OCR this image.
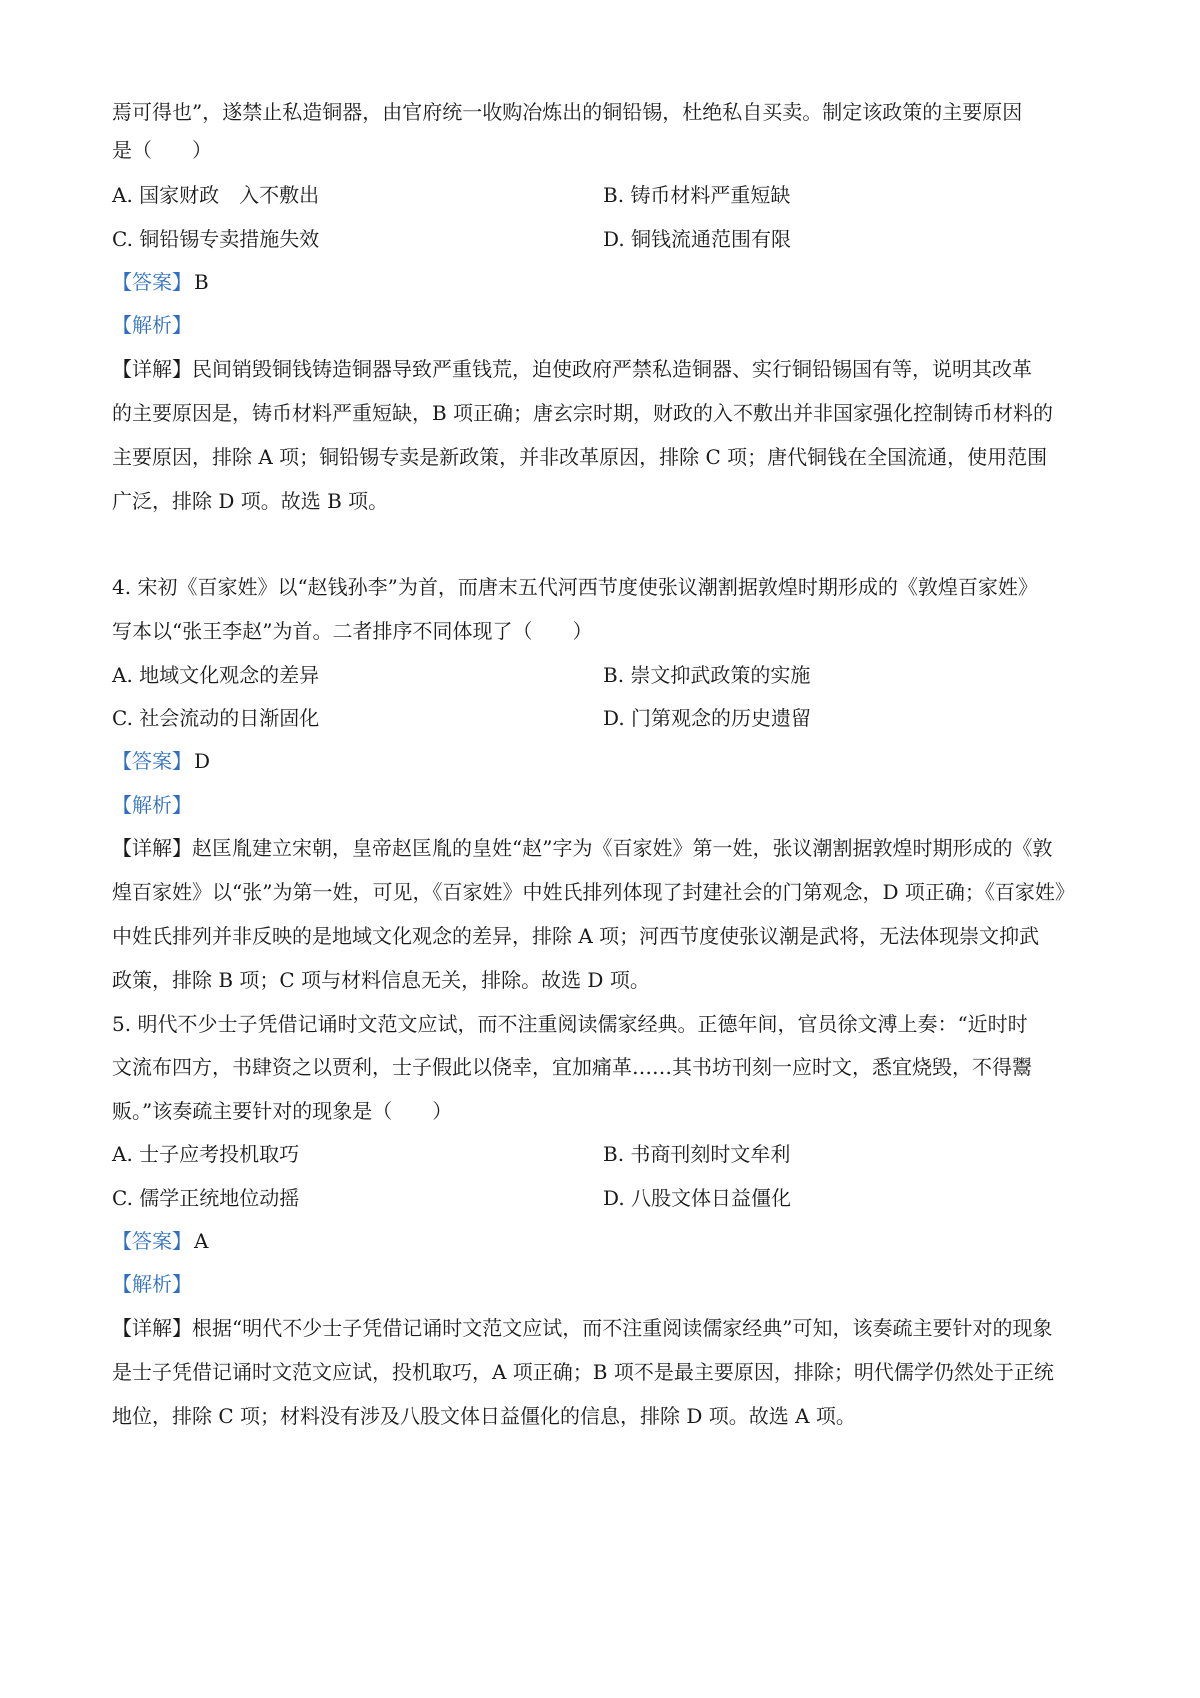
焉可得也”，遂禁止私造铜器，由官府统一收购冶炼出的铜铅锡，杜绝私自买卖。制定该政策的主要原因
是（　　）
A. 国家财政　入不敷出	B. 铸币材料严重短缺
C. 铜铅锡专卖措施失效	D. 铜钱流通范围有限
【答案】 B
【解析】
【详解】民间销毁铜钱铸造铜器导致严重钱荒，迫使政府严禁私造铜器、实行铜铅锡国有等，说明其改革
的主要原因是，铸币材料严重短缺，B 项正确；唐玄宗时期，财政的入不敷出并非国家强化控制铸币材料的
主要原因，排除 A 项；铜铅锡专卖是新政策，并非改革原因，排除 C 项；唐代铜钱在全国流通，使用范围
广泛，排除 D 项。故选 B 项。
4. 宋初《百家姓》以“赵钱孙李”为首，而唐末五代河西节度使张议潮割据敦煌时期形成的《敦煌百家姓》
写本以“张王李赵”为首。二者排序不同体现了（　　）
A. 地域文化观念的差异	B. 崇文抑武政策的实施
C. 社会流动的日渐固化	D. 门第观念的历史遗留
【答案】 D
【解析】
【详解】赵匡胤建立宋朝，皇帝赵匡胤的皇姓“赵”字为《百家姓》第一姓，张议潮割据敦煌时期形成的《敦
煌百家姓》以“张”为第一姓，可见，《百家姓》中姓氏排列体现了封建社会的门第观念，D 项正确；《百家姓》
中姓氏排列并非反映的是地域文化观念的差异，排除 A 项；河西节度使张议潮是武将，无法体现崇文抑武
政策，排除 B 项；C 项与材料信息无关，排除。故选 D 项。
5. 明代不少士子凭借记诵时文范文应试，而不注重阅读儒家经典。正德年间，官员徐文溥上奏：“近时时
文流布四方，书肆资之以贾利，士子假此以侥幸，宜加痛革……其书坊刊刻一应时文，悉宜烧毁，不得鬻
贩。”该奏疏主要针对的现象是（　　）
A. 士子应考投机取巧	B. 书商刊刻时文牟利
C. 儒学正统地位动摇	D. 八股文体日益僵化
【答案】 A
【解析】
【详解】根据“明代不少士子凭借记诵时文范文应试，而不注重阅读儒家经典”可知，该奏疏主要针对的现象
是士子凭借记诵时文范文应试，投机取巧，A 项正确；B 项不是最主要原因，排除；明代儒学仍然处于正统
地位，排除 C 项；材料没有涉及八股文体日益僵化的信息，排除 D 项。故选 A 项。
